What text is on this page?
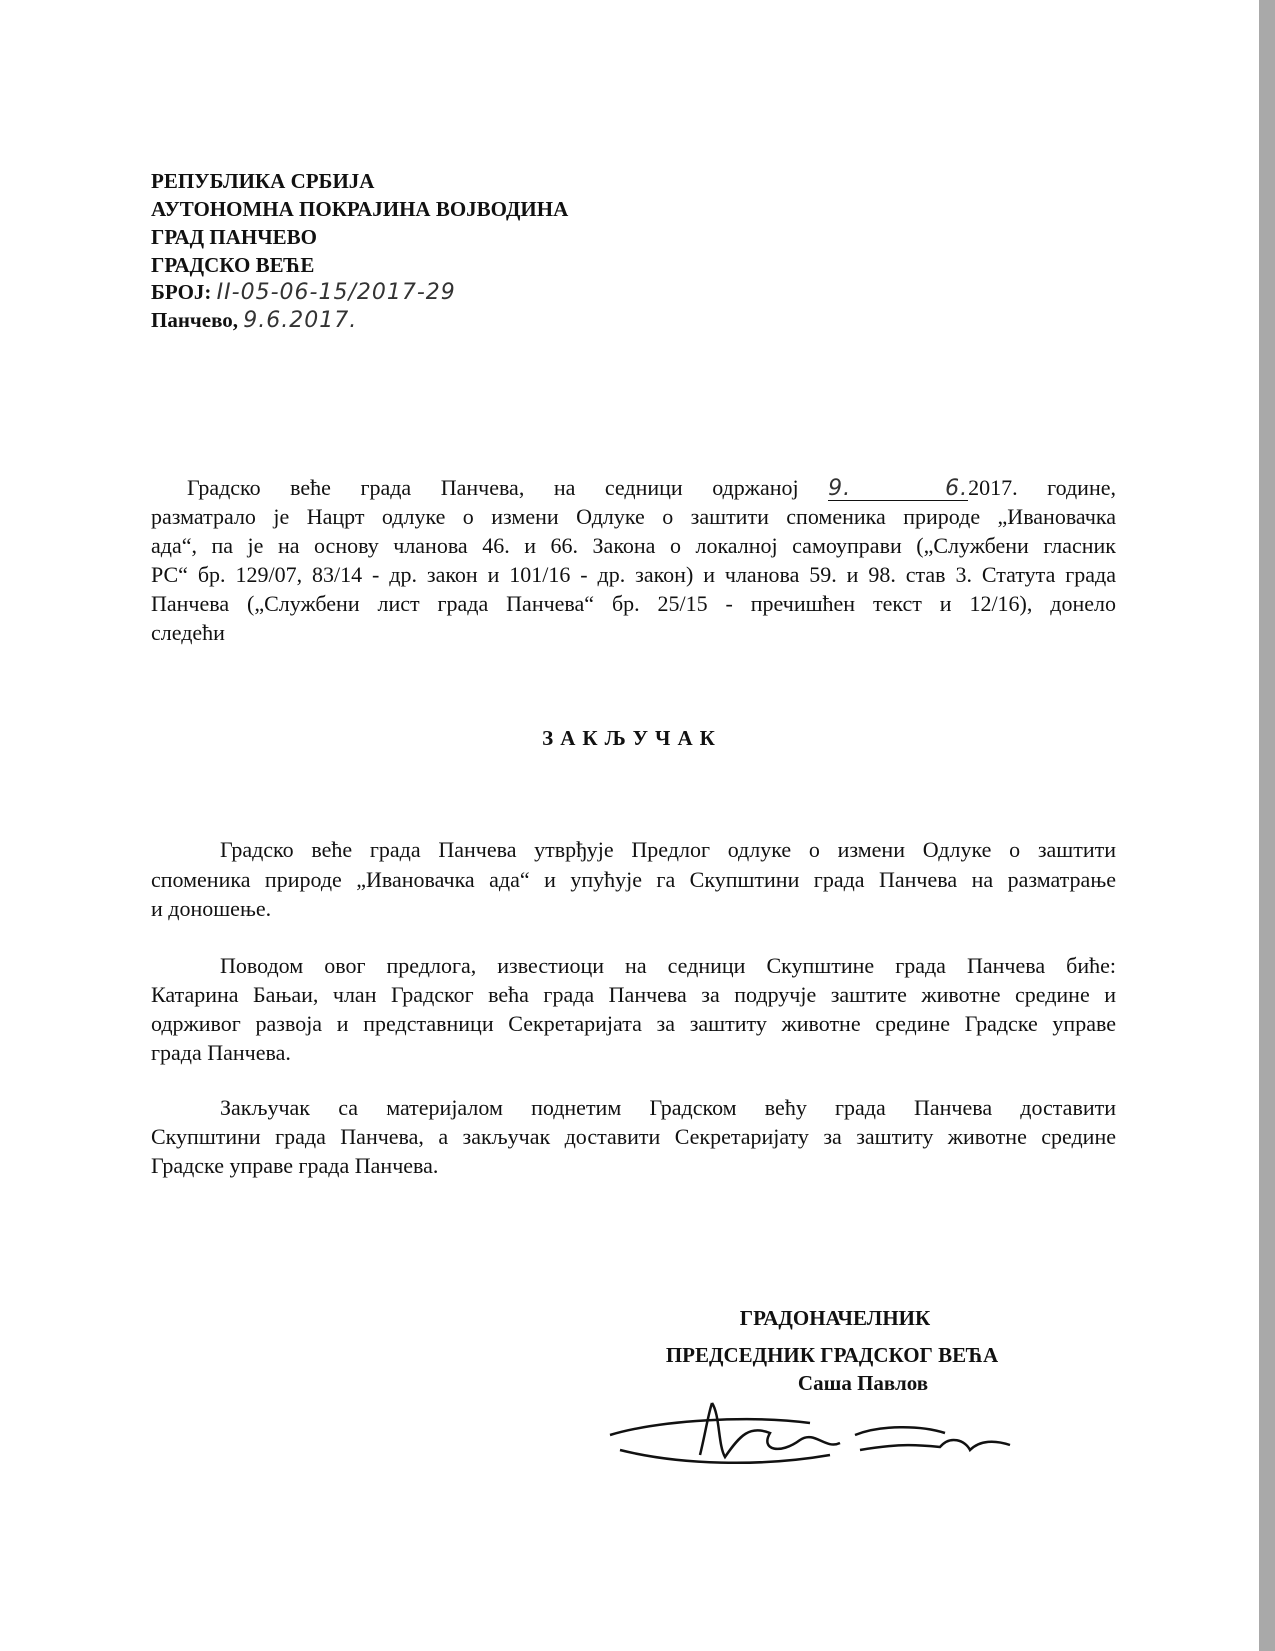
РЕПУБЛИКА СРБИЈА
АУТОНОМНА ПОКРАЈИНА ВОЈВОДИНА
ГРАД ПАНЧЕВО
ГРАДСКО ВЕЋЕ
БРОЈ: II-05-06-15/2017-29
Панчево, 9.6.2017.
Градско веће града Панчева, на седници одржаној 9. 6.2017. године,
разматрало је Нацрт одлуке о измени Одлуке о заштити споменика природе „Ивановачка
ада“, па је на основу чланова 46. и 66. Закона о локалној самоуправи („Службени гласник
РС“ бр. 129/07, 83/14 - др. закон и 101/16 - др. закон) и чланова 59. и 98. став 3. Статута града
Панчева („Службени лист града Панчева“ бр. 25/15 - пречишћен текст и 12/16), донело
следећи
ЗАКЉУЧАК
Градско веће града Панчева утврђује Предлог одлуке о измени Одлуке о заштити
споменика природе „Ивановачка ада“ и упућује га Скупштини града Панчева на разматрање
и доношење.
Поводом овог предлога, известиоци на седници Скупштине града Панчева биће:
Катарина Бањаи, члан Градског већа града Панчева за подручје заштите животне средине и
одрживог развоја и представници Секретаријата за заштиту животне средине Градске управе
града Панчева.
Закључак са материјалом поднетим Градском већу града Панчева доставити
Скупштини града Панчева, а закључак доставити Секретаријату за заштиту животне средине
Градске управе града Панчева.
ГРАДОНАЧЕЛНИК
ПРЕДСЕДНИК ГРАДСКОГ ВЕЋА
Саша Павлов
